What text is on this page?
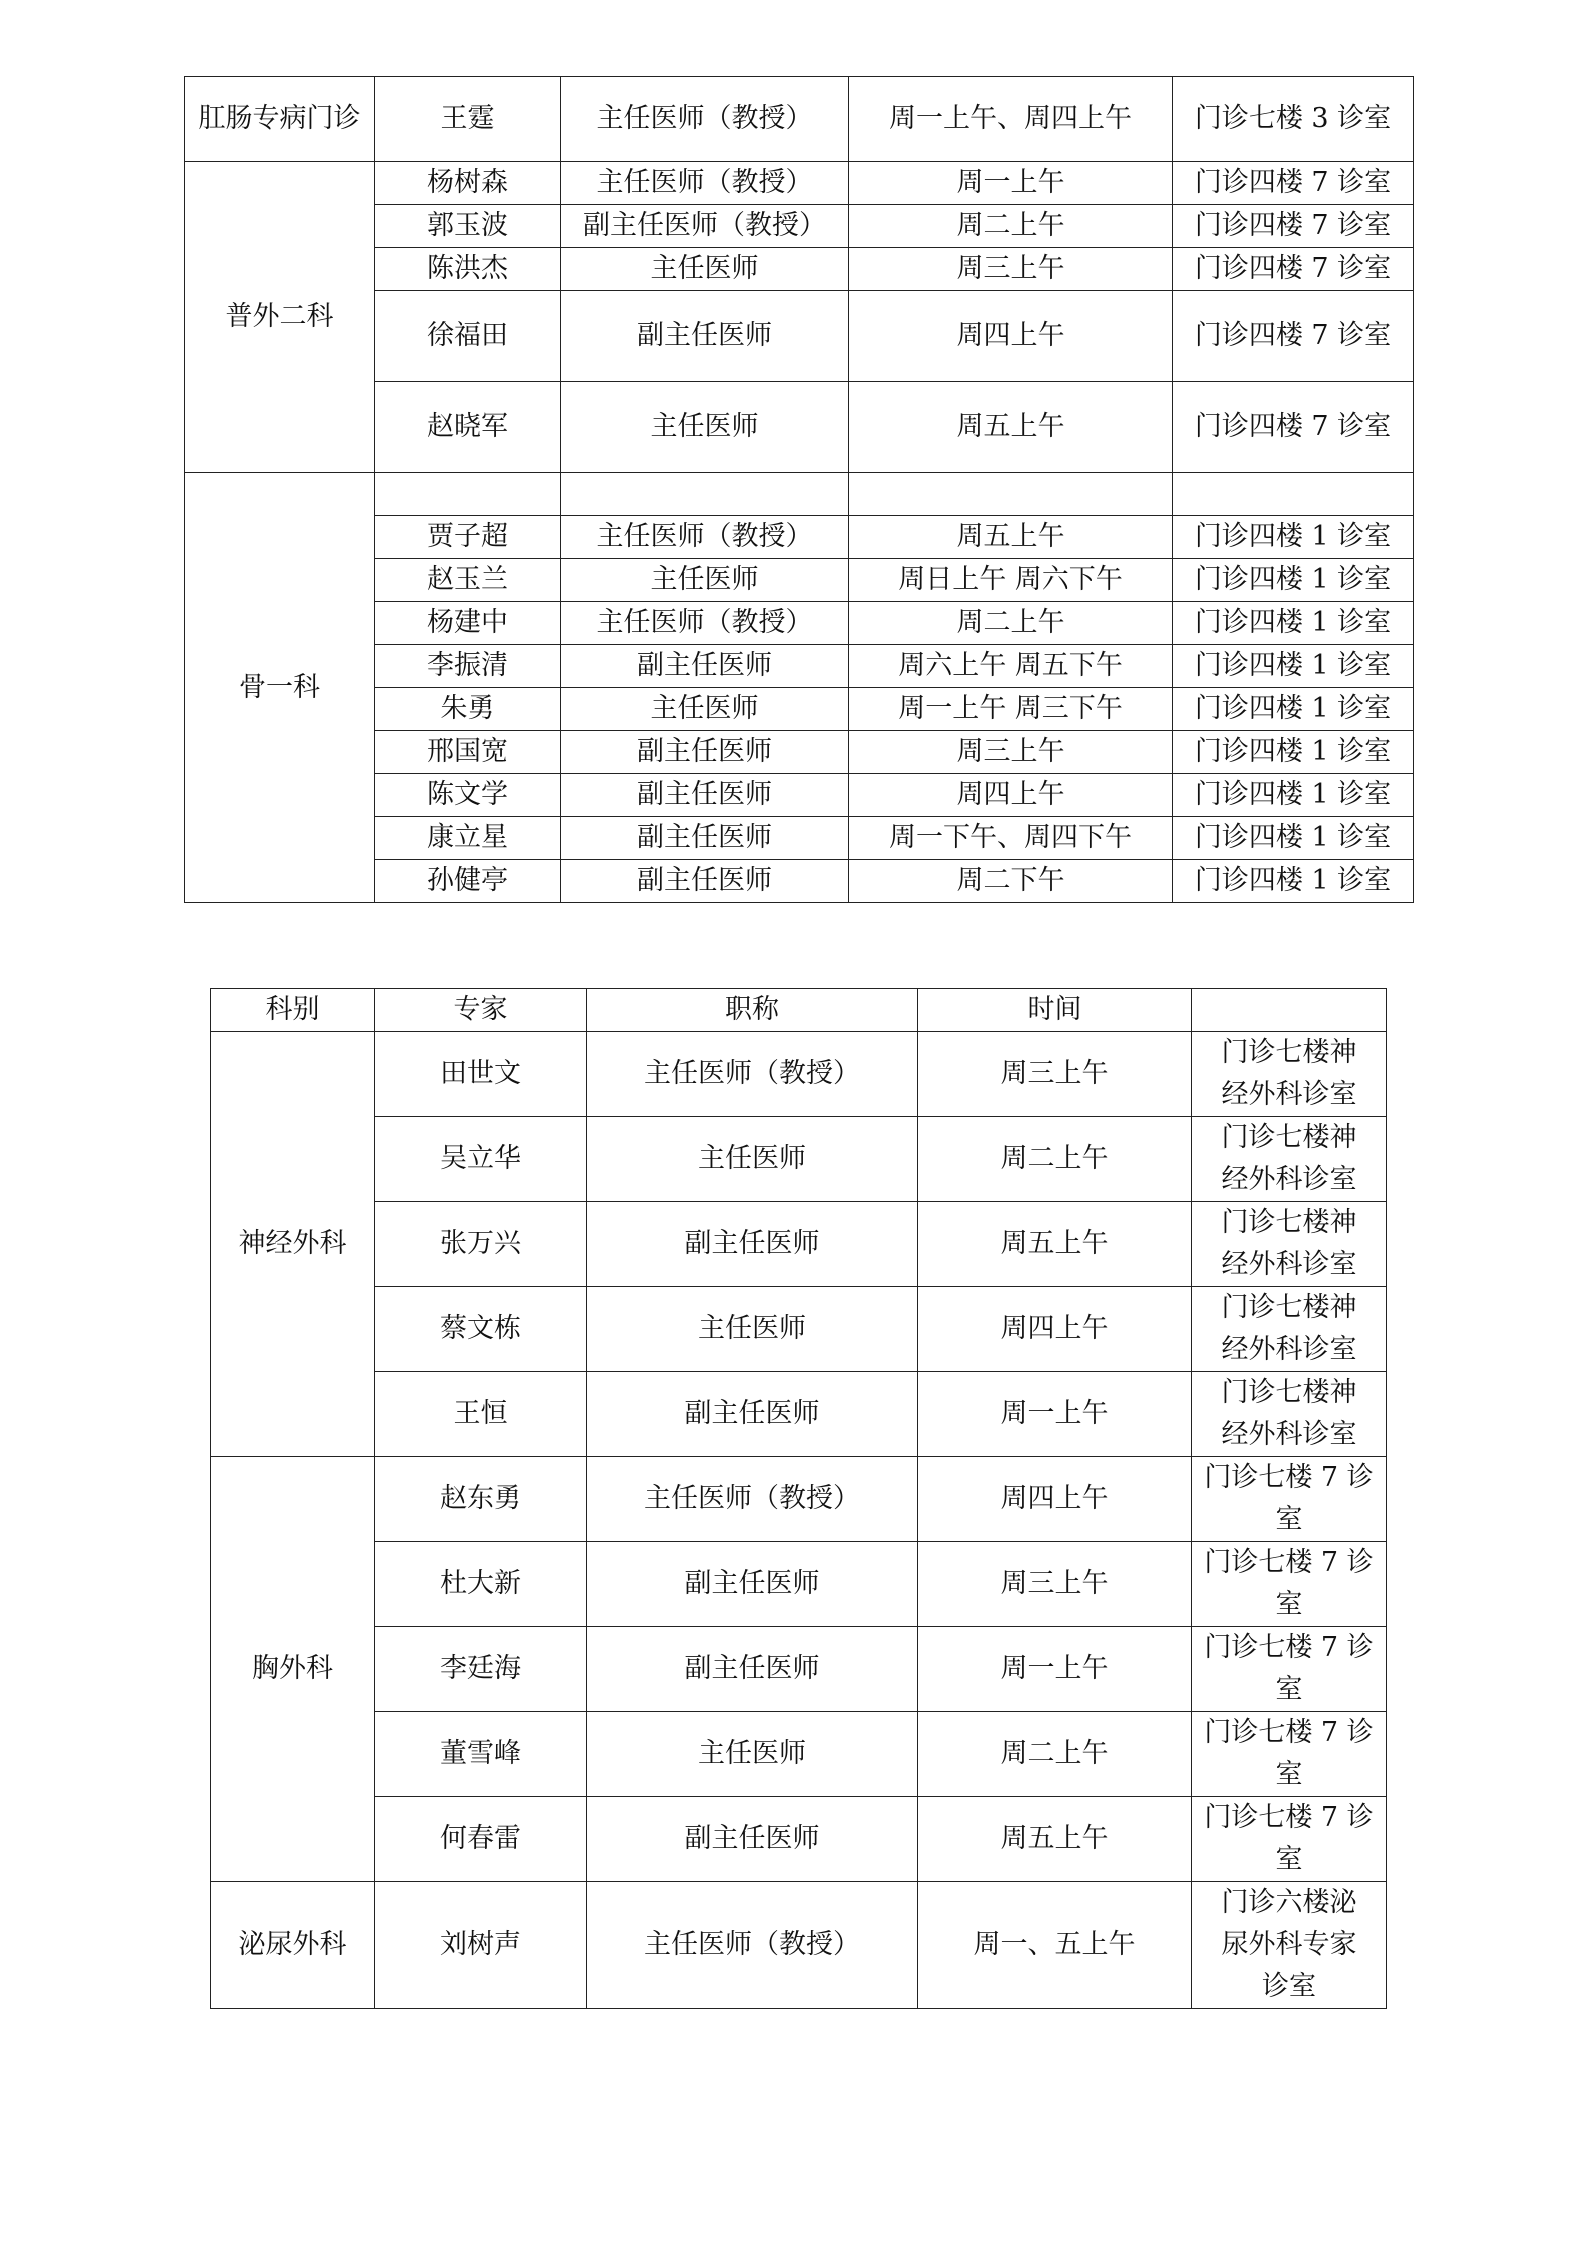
肛肠专病门诊	王霆	主任医师（教授）	周一上午、周四上午	门诊七楼 3 诊室
普外二科	杨树森	主任医师（教授）	周一上午	门诊四楼 7 诊室
	郭玉波	副主任医师（教授）	周二上午	门诊四楼 7 诊室
	陈洪杰	主任医师	周三上午	门诊四楼 7 诊室
	徐福田	副主任医师	周四上午	门诊四楼 7 诊室
	赵晓军	主任医师	周五上午	门诊四楼 7 诊室
骨一科				
	贾子超	主任医师（教授）	周五上午	门诊四楼 1 诊室
	赵玉兰	主任医师	周日上午 周六下午	门诊四楼 1 诊室
	杨建中	主任医师（教授）	周二上午	门诊四楼 1 诊室
	李振清	副主任医师	周六上午 周五下午	门诊四楼 1 诊室
	朱勇	主任医师	周一上午 周三下午	门诊四楼 1 诊室
	邢国宽	副主任医师	周三上午	门诊四楼 1 诊室
	陈文学	副主任医师	周四上午	门诊四楼 1 诊室
	康立星	副主任医师	周一下午、周四下午	门诊四楼 1 诊室
	孙健亭	副主任医师	周二下午	门诊四楼 1 诊室
科别	专家	职称	时间	
神经外科	田世文	主任医师（教授）	周三上午	门诊七楼神
经外科诊室
	吴立华	主任医师	周二上午	门诊七楼神
经外科诊室
	张万兴	副主任医师	周五上午	门诊七楼神
经外科诊室
	蔡文栋	主任医师	周四上午	门诊七楼神
经外科诊室
	王恒	副主任医师	周一上午	门诊七楼神
经外科诊室
胸外科	赵东勇	主任医师（教授）	周四上午	门诊七楼 7 诊
室
	杜大新	副主任医师	周三上午	门诊七楼 7 诊
室
	李廷海	副主任医师	周一上午	门诊七楼 7 诊
室
	董雪峰	主任医师	周二上午	门诊七楼 7 诊
室
	何春雷	副主任医师	周五上午	门诊七楼 7 诊
室
泌尿外科	刘树声	主任医师（教授）	周一、五上午	门诊六楼泌
尿外科专家
诊室
